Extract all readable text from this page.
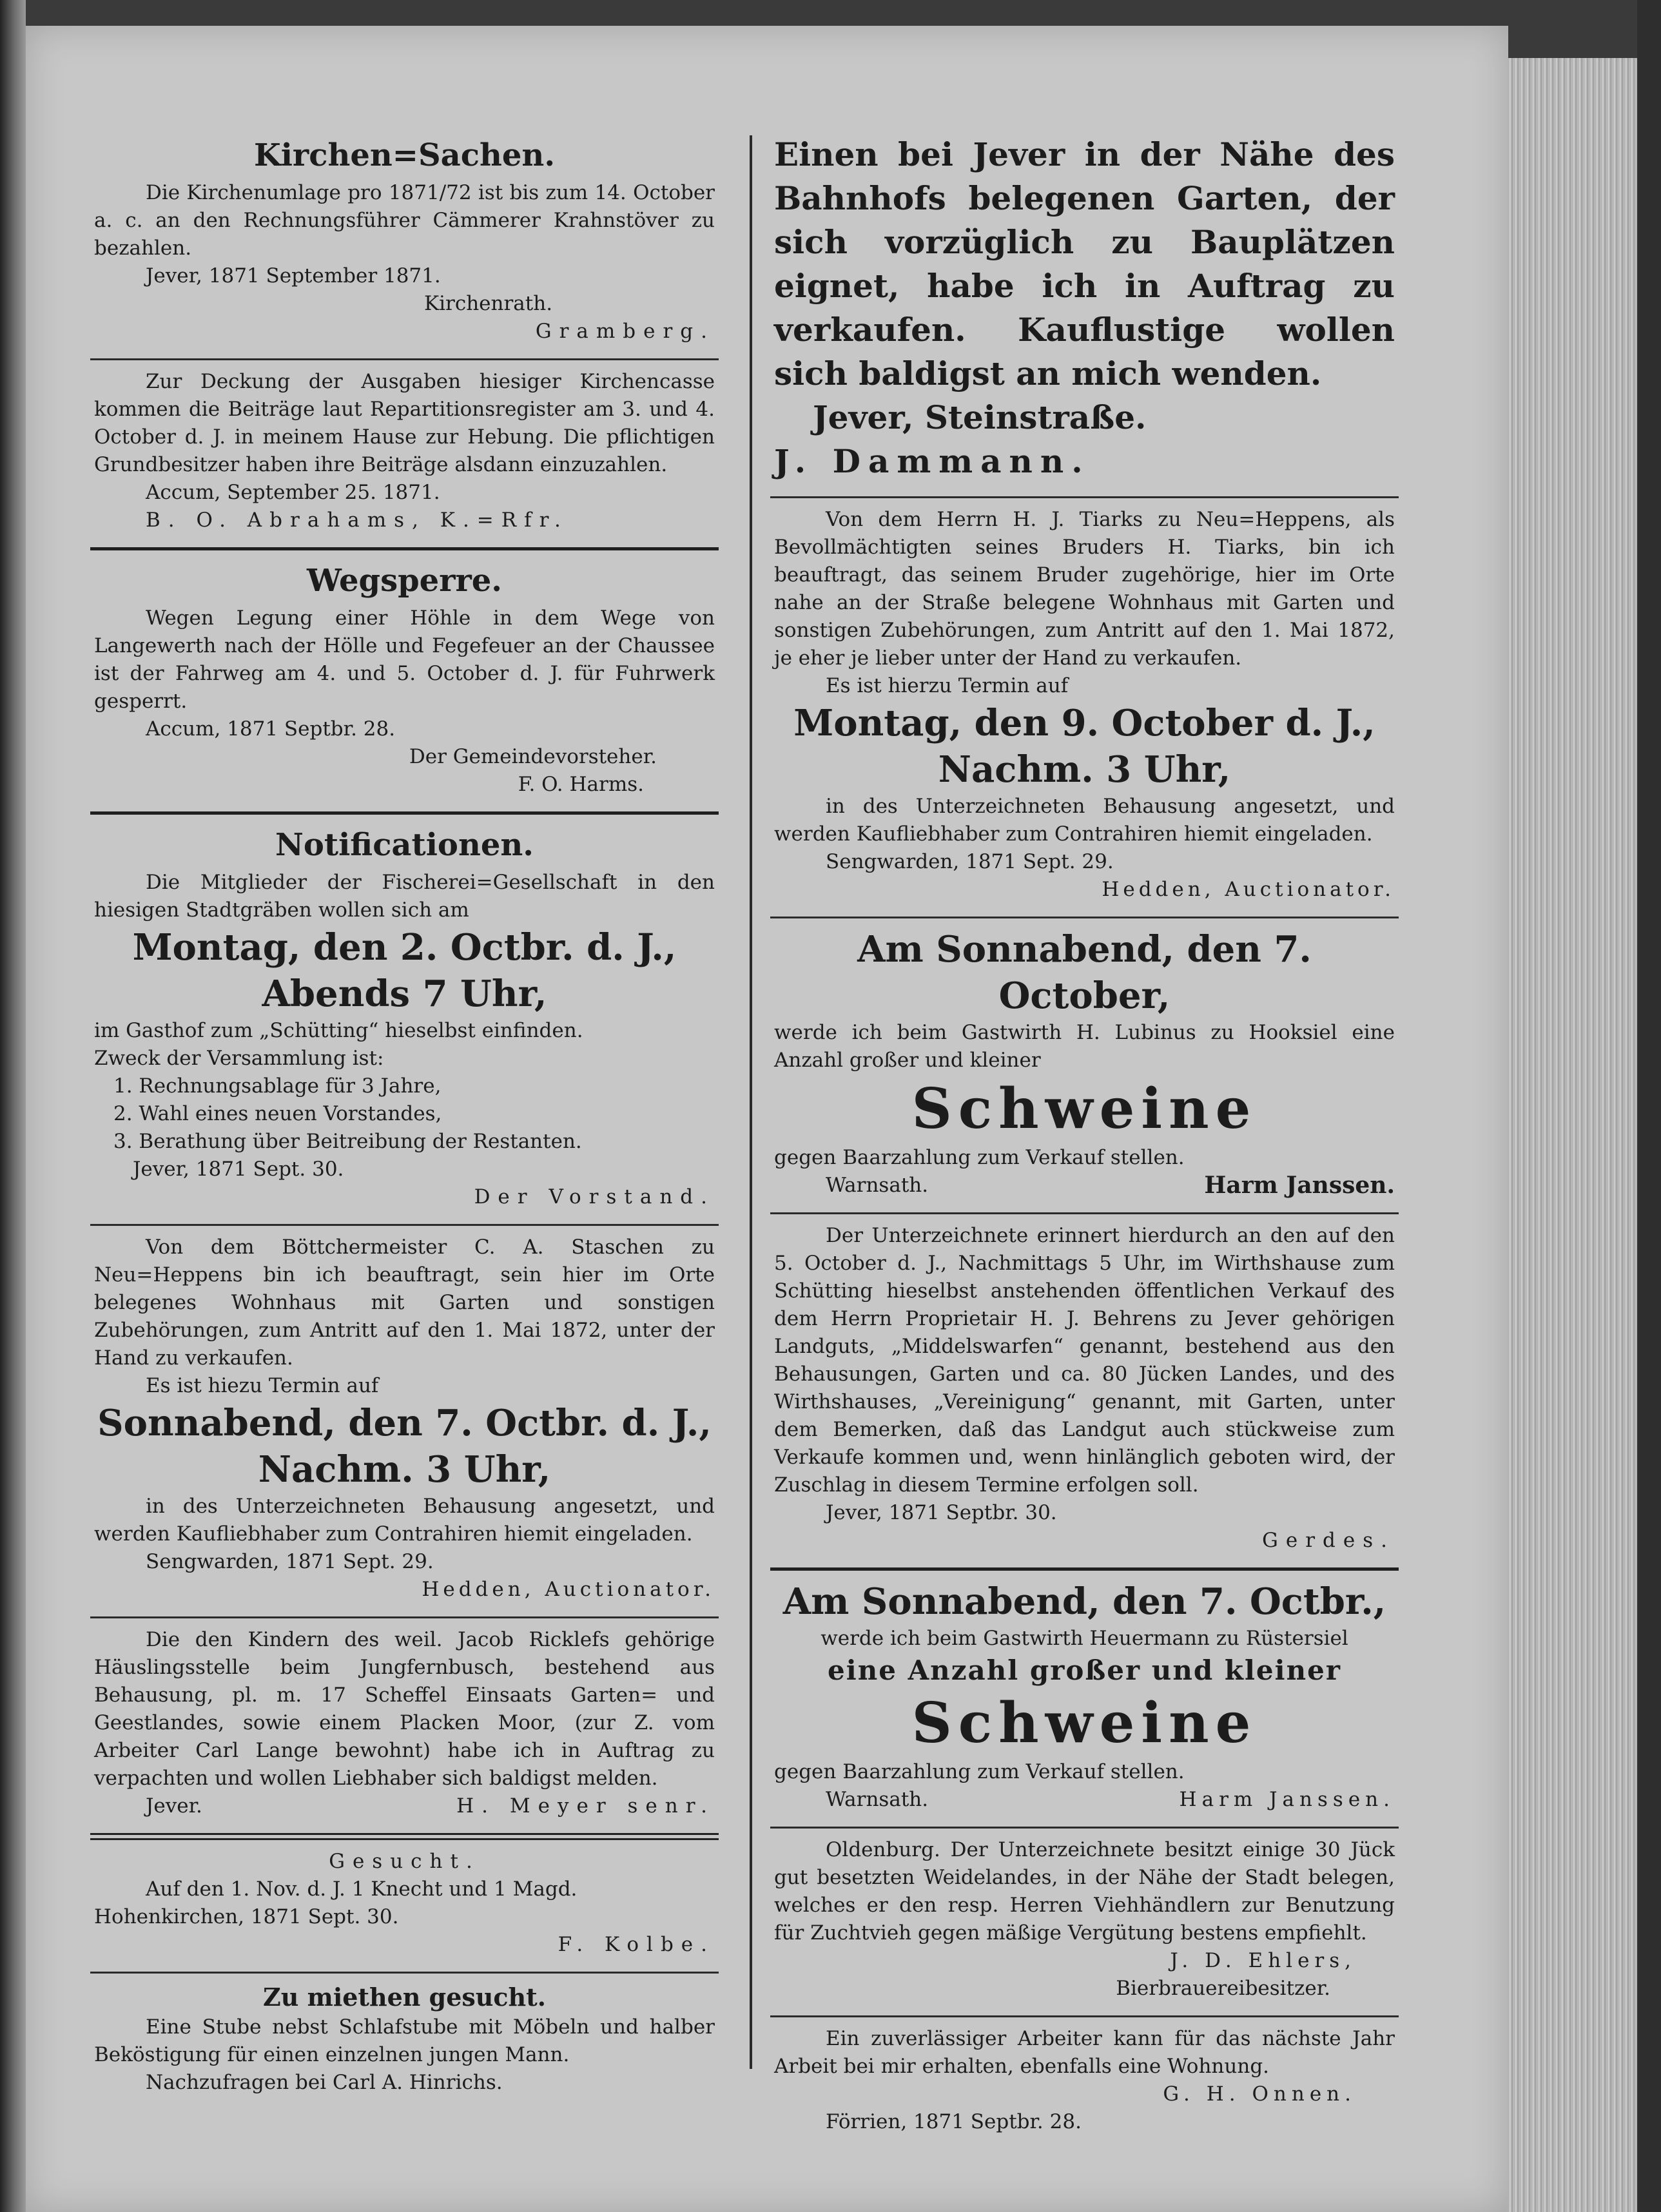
Kirchen=Sachen.

Die Kirchenumlage pro 1871/72 ist bis zum 14. October a. c. an den Rechnungsführer Cämmerer Krahnstöver zu bezahlen.

Jever, 1871 September 1871.

Kirchenrath.

Gramberg.

Zur Deckung der Ausgaben hiesiger Kirchencasse kommen die Beiträge laut Repartitionsregister am 3. und 4. October d. J. in meinem Hause zur Hebung. Die pflichtigen Grundbesitzer haben ihre Beiträge alsdann einzuzahlen.

Accum, September 25. 1871.

B. O. Abrahams, K.=Rfr.

Wegsperre.

Wegen Legung einer Höhle in dem Wege von Langewerth nach der Hölle und Fegefeuer an der Chaussee ist der Fahrweg am 4. und 5. October d. J. für Fuhrwerk gesperrt.

Accum, 1871 Septbr. 28.

Der Gemeindevorsteher.

F. O. Harms.

Notificationen.

Die Mitglieder der Fischerei=Gesellschaft in den hiesigen Stadtgräben wollen sich am

Montag, den 2. Octbr. d. J.,
Abends 7 Uhr,

im Gasthof zum „Schütting“ hieselbst einfinden.

Zweck der Versammlung ist:

1. Rechnungsablage für 3 Jahre,

2. Wahl eines neuen Vorstandes,

3. Berathung über Beitreibung der Restanten.

Jever, 1871 Sept. 30.

Der Vorstand.

Von dem Böttchermeister C. A. Staschen zu Neu=Heppens bin ich beauftragt, sein hier im Orte belegenes Wohnhaus mit Garten und sonstigen Zubehörungen, zum Antritt auf den 1. Mai 1872, unter der Hand zu verkaufen.

Es ist hiezu Termin auf

Sonnabend, den 7. Octbr. d. J.,
Nachm. 3 Uhr,

in des Unterzeichneten Behausung angesetzt, und werden Kaufliebhaber zum Contrahiren hiemit eingeladen.

Sengwarden, 1871 Sept. 29.

Hedden, Auctionator.

Die den Kindern des weil. Jacob Ricklefs gehörige Häuslingsstelle beim Jungfernbusch, bestehend aus Behausung, pl. m. 17 Scheffel Einsaats Garten= und Geestlandes, sowie einem Placken Moor, (zur Z. vom Arbeiter Carl Lange bewohnt) habe ich in Auftrag zu verpachten und wollen Liebhaber sich baldigst melden.

Jever.	H. Meyer senr.

Gesucht.

Auf den 1. Nov. d. J. 1 Knecht und 1 Magd.

Hohenkirchen, 1871 Sept. 30.

F. Kolbe.

Zu miethen gesucht.

Eine Stube nebst Schlafstube mit Möbeln und halber Beköstigung für einen einzelnen jungen Mann.

Nachzufragen bei Carl A. Hinrichs.

Einen bei Jever in der Nähe des Bahnhofs belegenen Garten, der sich vorzüglich zu Bauplätzen eignet, habe ich in Auftrag zu verkaufen. Kauflustige wollen sich baldigst an mich wenden.

Jever, Steinstraße.

J. Dammann.

Von dem Herrn H. J. Tiarks zu Neu=Heppens, als Bevollmächtigten seines Bruders H. Tiarks, bin ich beauftragt, das seinem Bruder zugehörige, hier im Orte nahe an der Straße belegene Wohnhaus mit Garten und sonstigen Zubehörungen, zum Antritt auf den 1. Mai 1872, je eher je lieber unter der Hand zu verkaufen.

Es ist hierzu Termin auf

Montag, den 9. October d. J.,
Nachm. 3 Uhr,

in des Unterzeichneten Behausung angesetzt, und werden Kaufliebhaber zum Contrahiren hiemit eingeladen.

Sengwarden, 1871 Sept. 29.

Hedden, Auctionator.

Am Sonnabend, den 7. October,

werde ich beim Gastwirth H. Lubinus zu Hooksiel eine Anzahl großer und kleiner

Schweine

gegen Baarzahlung zum Verkauf stellen.

Warnsath.	Harm Janssen.

Der Unterzeichnete erinnert hierdurch an den auf den 5. October d. J., Nachmittags 5 Uhr, im Wirthshause zum Schütting hieselbst anstehenden öffentlichen Verkauf des dem Herrn Proprietair H. J. Behrens zu Jever gehörigen Landguts, „Middelswarfen“ genannt, bestehend aus den Behausungen, Garten und ca. 80 Jücken Landes, und des Wirthshauses, „Vereinigung“ genannt, mit Garten, unter dem Bemerken, daß das Landgut auch stückweise zum Verkaufe kommen und, wenn hinlänglich geboten wird, der Zuschlag in diesem Termine erfolgen soll.

Jever, 1871 Septbr. 30.

Gerdes.

Am Sonnabend, den 7. Octbr.,

werde ich beim Gastwirth Heuermann zu Rüstersiel

eine Anzahl großer und kleiner

Schweine

gegen Baarzahlung zum Verkauf stellen.

Warnsath.	Harm Janssen.

Oldenburg. Der Unterzeichnete besitzt einige 30 Jück gut besetzten Weidelandes, in der Nähe der Stadt belegen, welches er den resp. Herren Viehhändlern zur Benutzung für Zuchtvieh gegen mäßige Vergütung bestens empfiehlt.

J. D. Ehlers,

Bierbrauereibesitzer.

Ein zuverlässiger Arbeiter kann für das nächste Jahr Arbeit bei mir erhalten, ebenfalls eine Wohnung.

G. H. Onnen.

Förrien, 1871 Septbr. 28.
